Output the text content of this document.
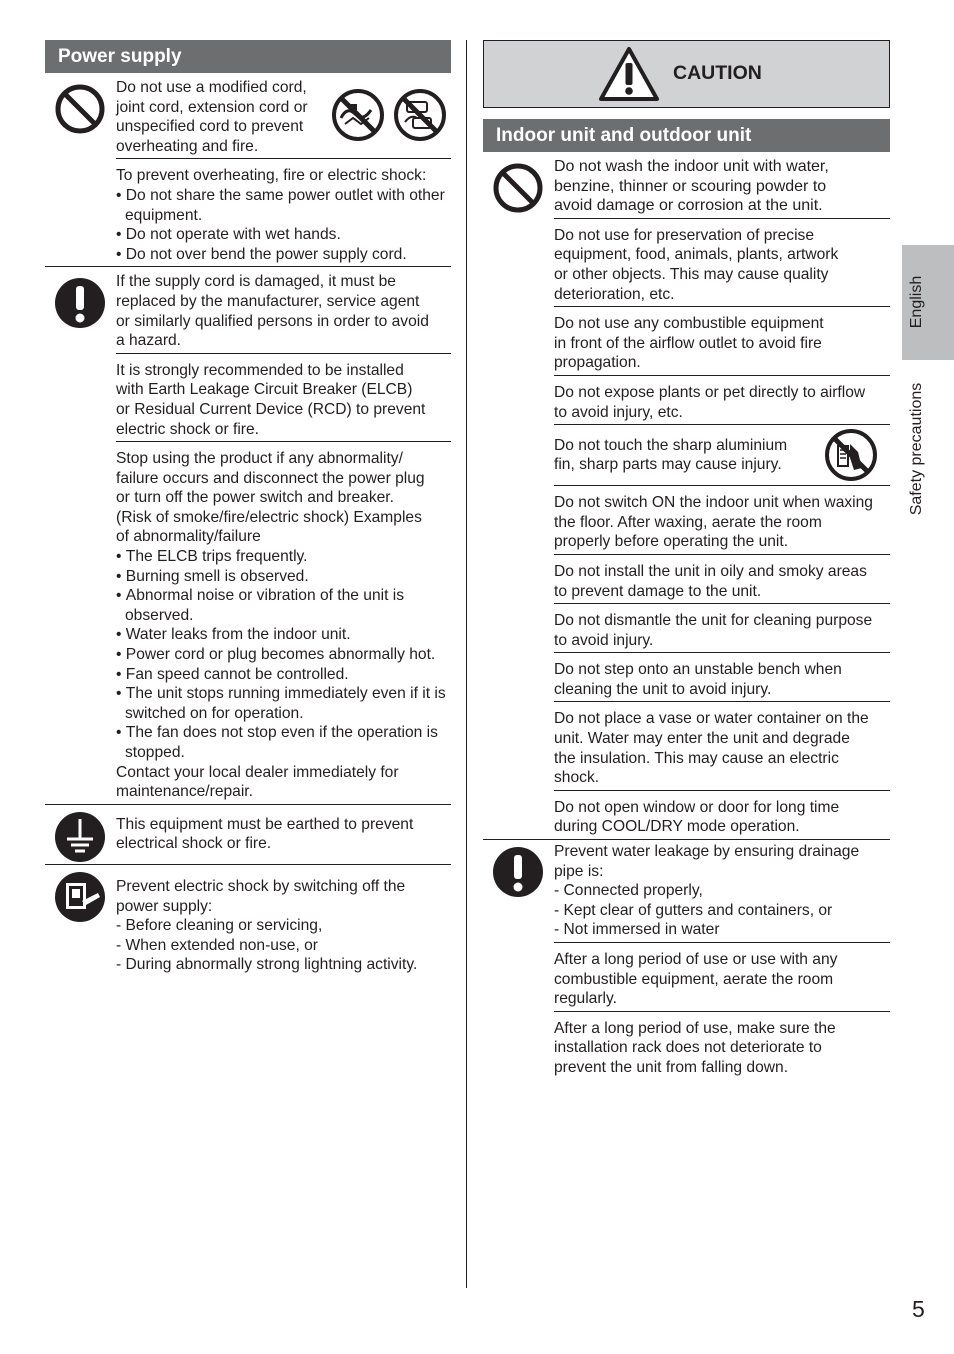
Power supply
Do not use a modified cord,
joint cord, extension cord or
unspecified cord to prevent
overheating and fire.
To prevent overheating, fire or electric shock:
• Do not share the same power outlet with other equipment.
• Do not operate with wet hands.
• Do not over bend the power supply cord.
If the supply cord is damaged, it must be
replaced by the manufacturer, service agent
or similarly qualified persons in order to avoid
a hazard.
It is strongly recommended to be installed
with Earth Leakage Circuit Breaker (ELCB)
or Residual Current Device (RCD) to prevent
electric shock or fire.
Stop using the product if any abnormality/
failure occurs and disconnect the power plug
or turn off the power switch and breaker.
(Risk of smoke/fire/electric shock) Examples
of abnormality/failure
• The ELCB trips frequently.
• Burning smell is observed.
• Abnormal noise or vibration of the unit is observed.
• Water leaks from the indoor unit.
• Power cord or plug becomes abnormally hot.
• Fan speed cannot be controlled.
• The unit stops running immediately even if it is switched on for operation.
• The fan does not stop even if the operation is stopped.
Contact your local dealer immediately for
maintenance/repair.
This equipment must be earthed to prevent
electrical shock or fire.
Prevent electric shock by switching off the
power supply:
- Before cleaning or servicing,
- When extended non-use, or
- During abnormally strong lightning activity.
CAUTION
Indoor unit and outdoor unit
Do not wash the indoor unit with water,
benzine, thinner or scouring powder to
avoid damage or corrosion at the unit.
Do not use for preservation of precise
equipment, food, animals, plants, artwork
or other objects. This may cause quality
deterioration, etc.
Do not use any combustible equipment
in front of the airflow outlet to avoid fire
propagation.
Do not expose plants or pet directly to airflow
to avoid injury, etc.
Do not touch the sharp aluminium
fin, sharp parts may cause injury.
Do not switch ON the indoor unit when waxing
the floor. After waxing, aerate the room
properly before operating the unit.
Do not install the unit in oily and smoky areas
to prevent damage to the unit.
Do not dismantle the unit for cleaning purpose
to avoid injury.
Do not step onto an unstable bench when
cleaning the unit to avoid injury.
Do not place a vase or water container on the
unit. Water may enter the unit and degrade
the insulation. This may cause an electric
shock.
Do not open window or door for long time
during COOL/DRY mode operation.
Prevent water leakage by ensuring drainage
pipe is:
- Connected properly,
- Kept clear of gutters and containers, or
- Not immersed in water
After a long period of use or use with any
combustible equipment, aerate the room
regularly.
After a long period of use, make sure the
installation rack does not deteriorate to
prevent the unit from falling down.
English
Safety precautions
5
